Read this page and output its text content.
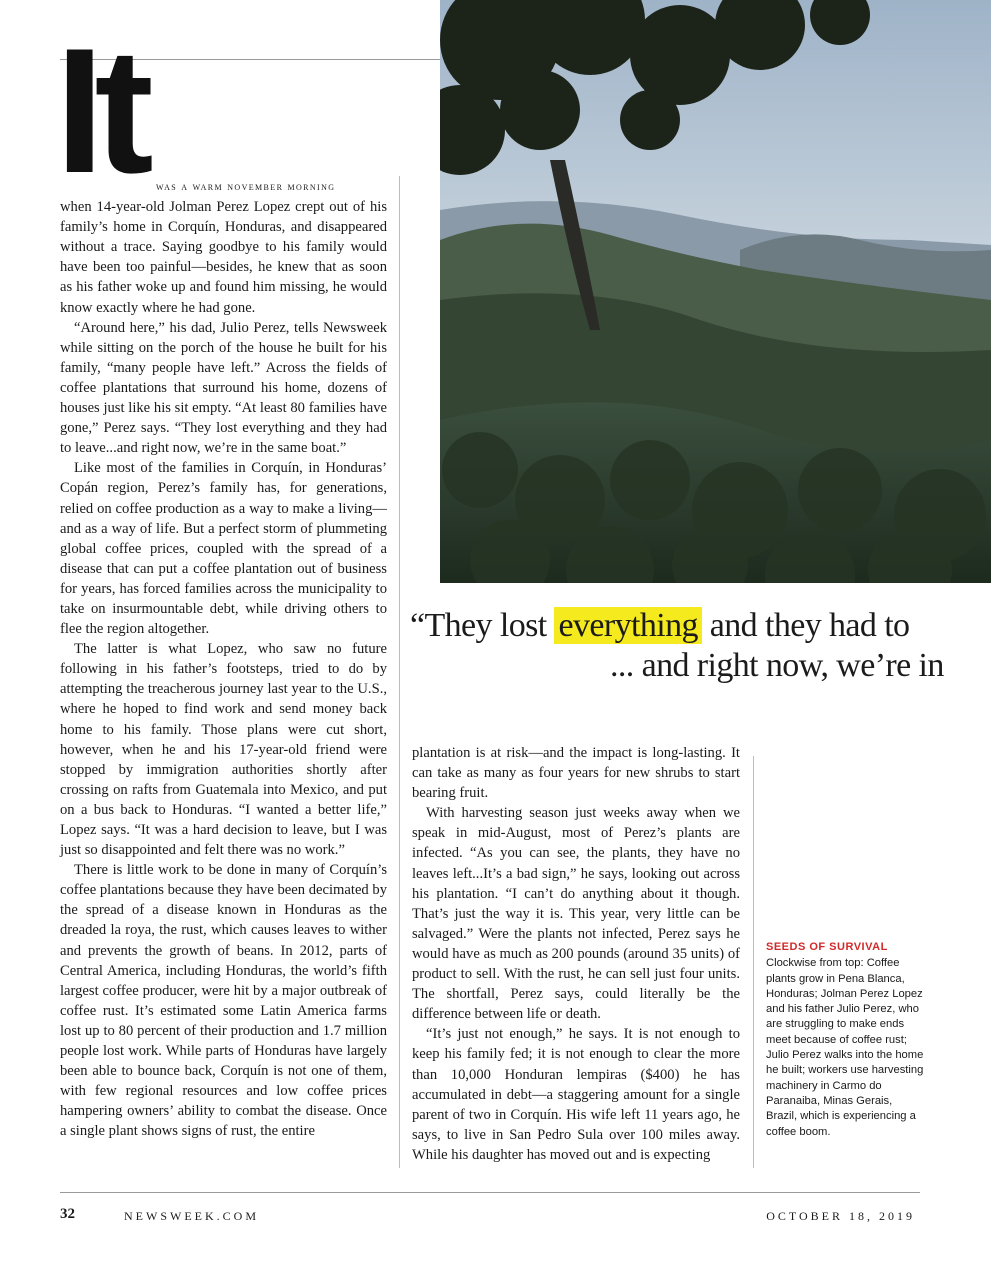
It	was a warm november morning
when 14-year-old Jolman Perez Lopez crept out of his family’s home in Corquín, Honduras, and disappeared without a trace. Saying goodbye to his family would have been too painful—besides, he knew that as soon as his father woke up and found him missing, he would know exactly where he had gone.

“Around here,” his dad, Julio Perez, tells Newsweek while sitting on the porch of the house he built for his family, “many people have left.” Across the fields of coffee plantations that surround his home, dozens of houses just like his sit empty. “At least 80 families have gone,” Perez says. “They lost everything and they had to leave...and right now, we’re in the same boat.”

Like most of the families in Corquín, in Honduras’ Copán region, Perez’s family has, for generations, relied on coffee production as a way to make a living—and as a way of life. But a perfect storm of plummeting global coffee prices, coupled with the spread of a disease that can put a coffee plantation out of business for years, has forced families across the municipality to take on insurmountable debt, while driving others to flee the region altogether.

The latter is what Lopez, who saw no future following in his father’s footsteps, tried to do by attempting the treacherous journey last year to the U.S., where he hoped to find work and send money back home to his family. Those plans were cut short, however, when he and his 17-year-old friend were stopped by immigration authorities shortly after crossing on rafts from Guatemala into Mexico, and put on a bus back to Honduras. “I wanted a better life,” Lopez says. “It was a hard decision to leave, but I was just so disappointed and felt there was no work.”

There is little work to be done in many of Corquín’s coffee plantations because they have been decimated by the spread of a disease known in Honduras as the dreaded la roya, the rust, which causes leaves to wither and prevents the growth of beans. In 2012, parts of Central America, including Honduras, the world’s fifth largest coffee producer, were hit by a major outbreak of coffee rust. It’s estimated some Latin America farms lost up to 80 percent of their production and 1.7 million people lost work. While parts of Honduras have largely been able to bounce back, Corquín is not one of them, with few regional resources and low coffee prices hampering owners’ ability to combat the disease. Once a single plant shows signs of rust, the entire

“They lost everything and they had to
... and right now, we’re in

plantation is at risk—and the impact is long-lasting. It can take as many as four years for new shrubs to start bearing fruit.

With harvesting season just weeks away when we speak in mid-August, most of Perez’s plants are infected. “As you can see, the plants, they have no leaves left...It’s a bad sign,” he says, looking out across his plantation. “I can’t do anything about it though. That’s just the way it is. This year, very little can be salvaged.” Were the plants not infected, Perez says he would have as much as 200 pounds (around 35 units) of product to sell. With the rust, he can sell just four units. The shortfall, Perez says, could literally be the difference between life or death.

“It’s just not enough,” he says. It is not enough to keep his family fed; it is not enough to clear the more than 10,000 Honduran lempiras ($400) he has accumulated in debt—a staggering amount for a single parent of two in Corquín. His wife left 11 years ago, he says, to live in San Pedro Sula over 100 miles away. While his daughter has moved out and is expecting

SEEDS OF SURVIVAL
Clockwise from top: Coffee plants grow in Pena Blanca, Honduras; Jolman Perez Lopez and his father Julio Perez, who are struggling to make ends meet because of coffee rust; Julio Perez walks into the home he built; workers use harvesting machinery in Carmo do Paranaiba, Minas Gerais, Brazil, which is experiencing a coffee boom.
32	NEWSWEEK.COM	OCTOBER 18, 2019
